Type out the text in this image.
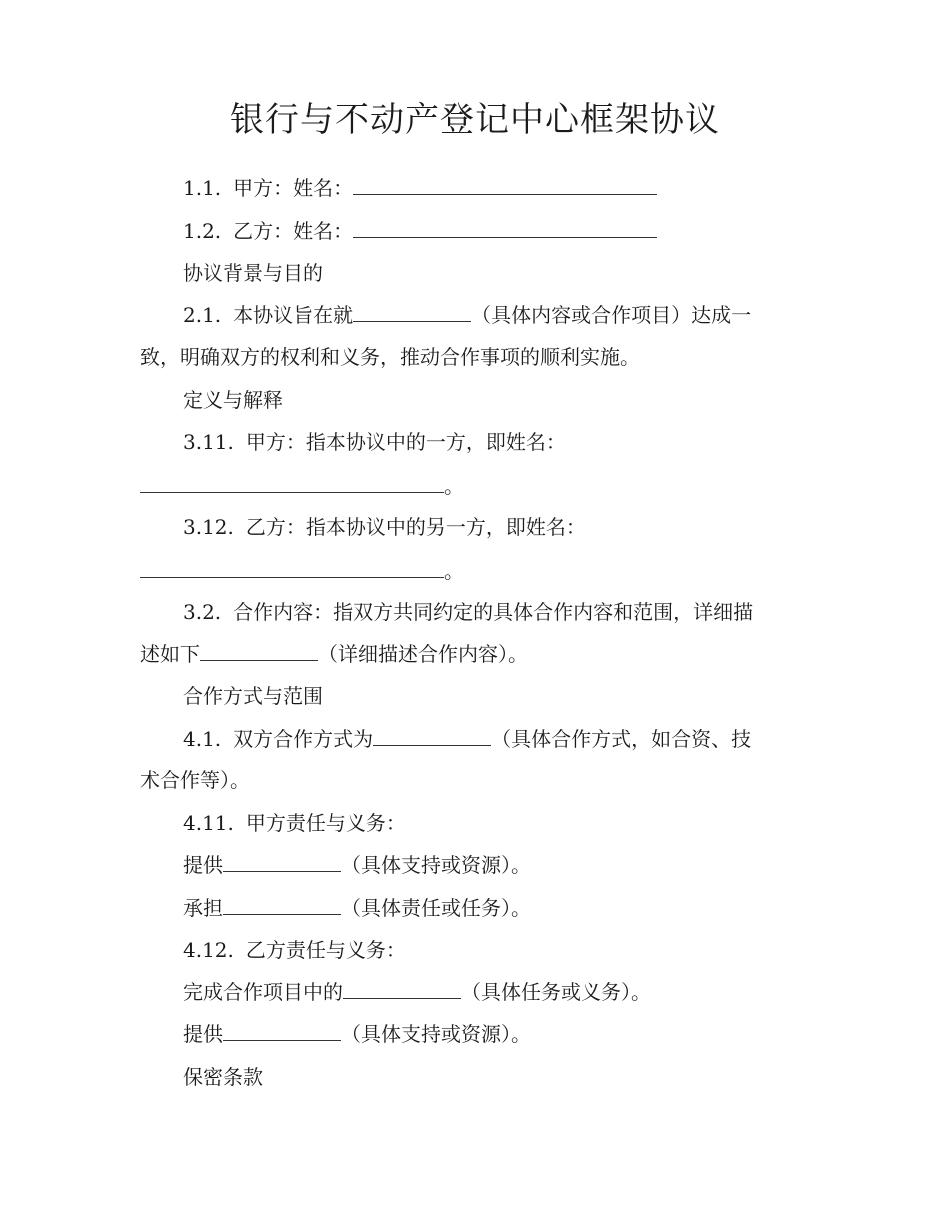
银行与不动产登记中心框架协议
1.1. 甲方：姓名：
1.2. 乙方：姓名：
协议背景与目的
2.1. 本协议旨在就	（具体内容或合作项目）达成一
致，明确双方的权利和义务，推动合作事项的顺利实施。
定义与解释
3.11. 甲方：指本协议中的一方，即姓名：
。
3.12. 乙方：指本协议中的另一方，即姓名：
。
3.2. 合作内容：指双方共同约定的具体合作内容和范围，详细描
述如下	（详细描述合作内容）。
合作方式与范围
4.1. 双方合作方式为	（具体合作方式，如合资、技
术合作等）。
4.11. 甲方责任与义务：
提供	（具体支持或资源）。
承担	（具体责任或任务）。
4.12. 乙方责任与义务：
完成合作项目中的	（具体任务或义务）。
提供	（具体支持或资源）。
保密条款
